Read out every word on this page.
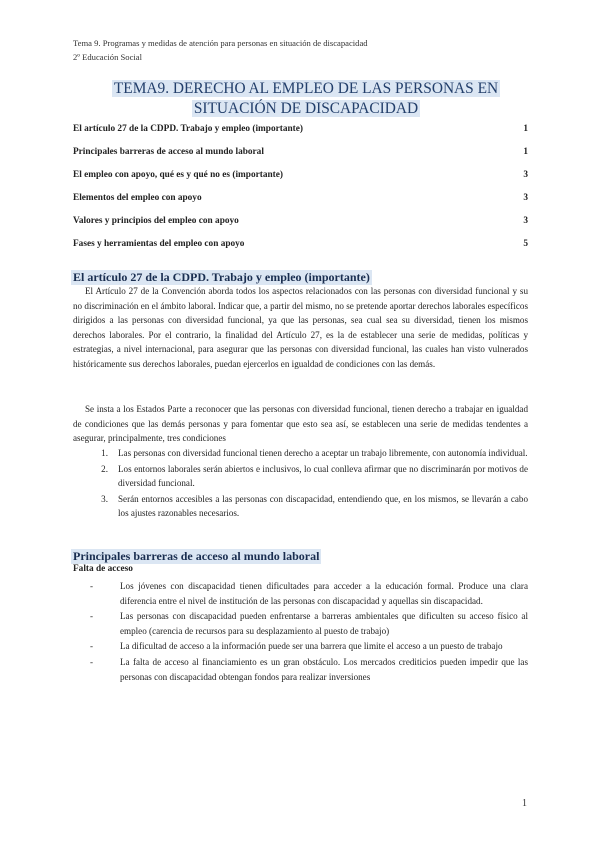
Tema 9. Programas y medidas de atención para personas en situación de discapacidad
2º Educación Social
TEMA9. DERECHO AL EMPLEO DE LAS PERSONAS EN
SITUACIÓN DE DISCAPACIDAD
El artículo 27 de la CDPD. Trabajo y empleo (importante)	1
Principales barreras de acceso al mundo laboral	1
El empleo con apoyo, qué es y qué no es (importante)	3
Elementos del empleo con apoyo	3
Valores y principios del empleo con apoyo	3
Fases y herramientas del empleo con apoyo	5
El artículo 27 de la CDPD. Trabajo y empleo (importante)

El Artículo 27 de la Convención aborda todos los aspectos relacionados con las personas con diversidad funcional y su no discriminación en el ámbito laboral. Indicar que, a partir del mismo, no se pretende aportar derechos laborales específicos dirigidos a las personas con diversidad funcional, ya que las personas, sea cual sea su diversidad, tienen los mismos derechos laborales. Por el contrario, la finalidad del Artículo 27, es la de establecer una serie de medidas, políticas y estrategias, a nivel internacional, para asegurar que las personas con diversidad funcional, las cuales han visto vulnerados históricamente sus derechos laborales, puedan ejercerlos en igualdad de condiciones con las demás.

Se insta a los Estados Parte a reconocer que las personas con diversidad funcional, tienen derecho a trabajar en igualdad de condiciones que las demás personas y para fomentar que esto sea así, se establecen una serie de medidas tendentes a asegurar, principalmente, tres condiciones

1.	Las personas con diversidad funcional tienen derecho a aceptar un trabajo libremente, con autonomía individual.
2.	Los entornos laborales serán abiertos e inclusivos, lo cual conlleva afirmar que no discriminarán por motivos de diversidad funcional.
3.	Serán entornos accesibles a las personas con discapacidad, entendiendo que, en los mismos, se llevarán a cabo los ajustes razonables necesarios.
Principales barreras de acceso al mundo laboral
Falta de acceso
-	Los jóvenes con discapacidad tienen dificultades para acceder a la educación formal. Produce una clara diferencia entre el nivel de institución de las personas con discapacidad y aquellas sin discapacidad.
-	Las personas con discapacidad pueden enfrentarse a barreras ambientales que dificulten su acceso físico al empleo (carencia de recursos para su desplazamiento al puesto de trabajo)
-	La dificultad de acceso a la información puede ser una barrera que limite el acceso a un puesto de trabajo
-	La falta de acceso al financiamiento es un gran obstáculo. Los mercados crediticios pueden impedir que las personas con discapacidad obtengan fondos para realizar inversiones
1
